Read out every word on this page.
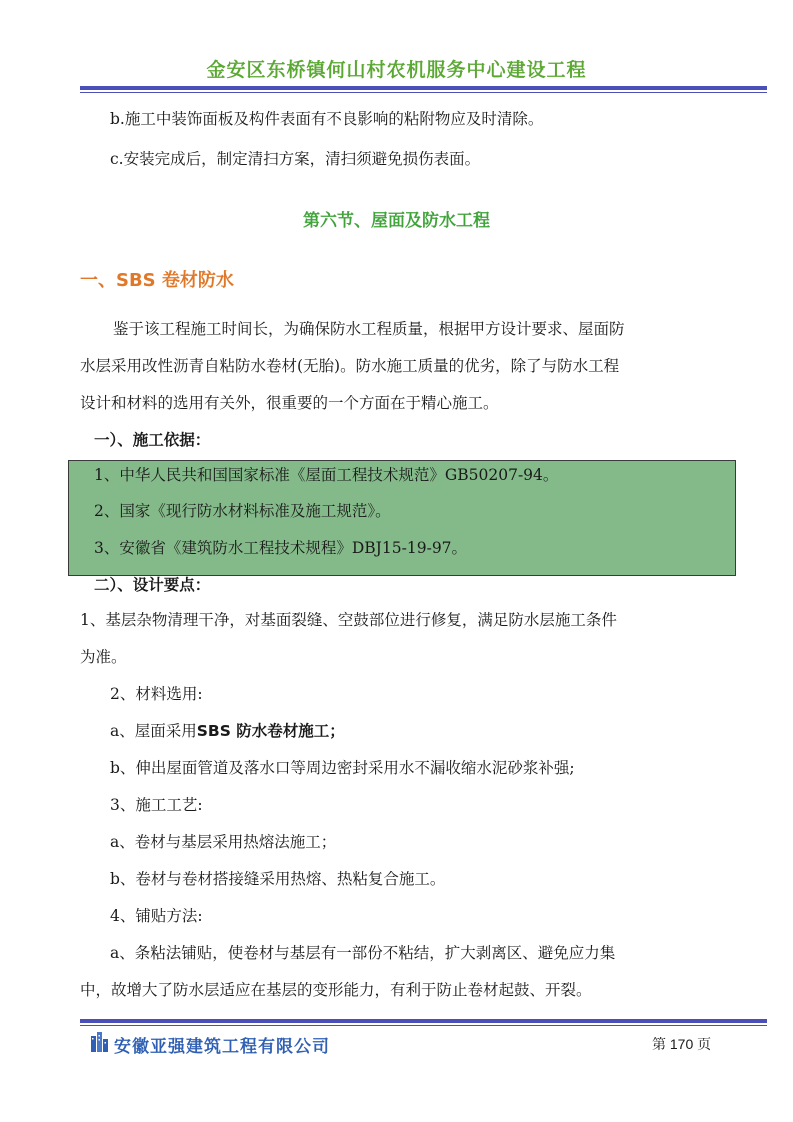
金安区东桥镇何山村农机服务中心建设工程
b.施工中装饰面板及构件表面有不良影响的粘附物应及时清除。
c.安装完成后，制定清扫方案，清扫须避免损伤表面。
第六节、屋面及防水工程
一、SBS 卷材防水
鉴于该工程施工时间长，为确保防水工程质量，根据甲方设计要求、屋面防
水层采用改性沥青自粘防水卷材(无胎)。防水施工质量的优劣，除了与防水工程
设计和材料的选用有关外，很重要的一个方面在于精心施工。
一）、施工依据：
1、中华人民共和国国家标准《屋面工程技术规范》GB50207-94。
2、国家《现行防水材料标准及施工规范》。
3、安徽省《建筑防水工程技术规程》DBJ15-19-97。
二）、设计要点：
1、基层杂物清理干净，对基面裂缝、空鼓部位进行修复，满足防水层施工条件
为准。
2、材料选用:
a、屋面采用SBS 防水卷材施工；
b、伸出屋面管道及落水口等周边密封采用水不漏收缩水泥砂浆补强;
3、施工工艺:
a、卷材与基层采用热熔法施工；
b、卷材与卷材搭接缝采用热熔、热粘复合施工。
4、铺贴方法:
a、条粘法铺贴，使卷材与基层有一部份不粘结，扩大剥离区、避免应力集
中，故增大了防水层适应在基层的变形能力，有利于防止卷材起鼓、开裂。
安徽亚强建筑工程有限公司	第 170 页
